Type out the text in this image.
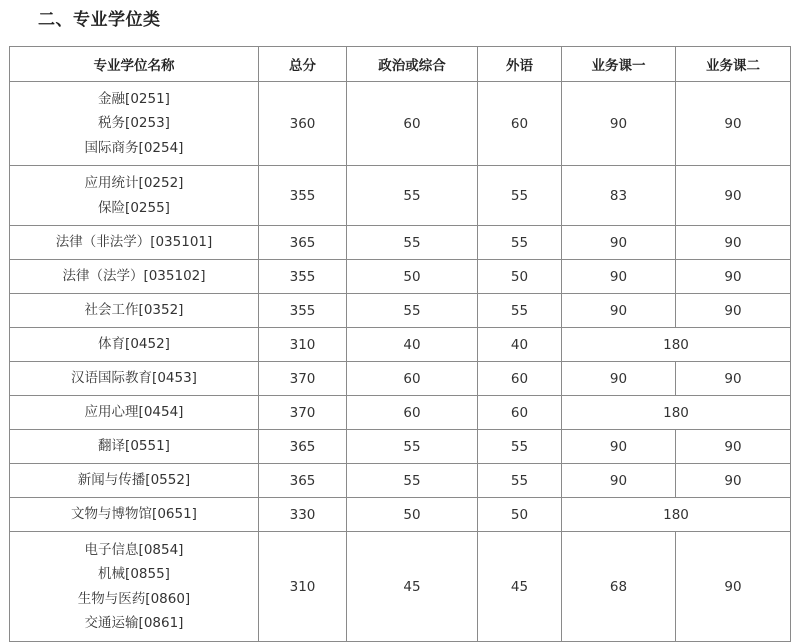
二、专业学位类
专业学位名称	总分	政治或综合	外语	业务课一	业务课二

金融[0251]
税务[0253]
国际商务[0254]	360	60	60	90	90

应用统计[0252]
保险[0255]	355	55	55	83	90

法律（非法学）[035101]	365	55	55	90	90

法律（法学）[035102]	355	50	50	90	90

社会工作[0352]	355	55	55	90	90

体育[0452]	310	40	40	180	

汉语国际教育[0453]	370	60	60	90	90

应用心理[0454]	370	60	60	180	

翻译[0551]	365	55	55	90	90

新闻与传播[0552]	365	55	55	90	90

文物与博物馆[0651]	330	50	50	180	

电子信息[0854]
机械[0855]
生物与医药[0860]
交通运输[0861]	310	45	45	68	90
